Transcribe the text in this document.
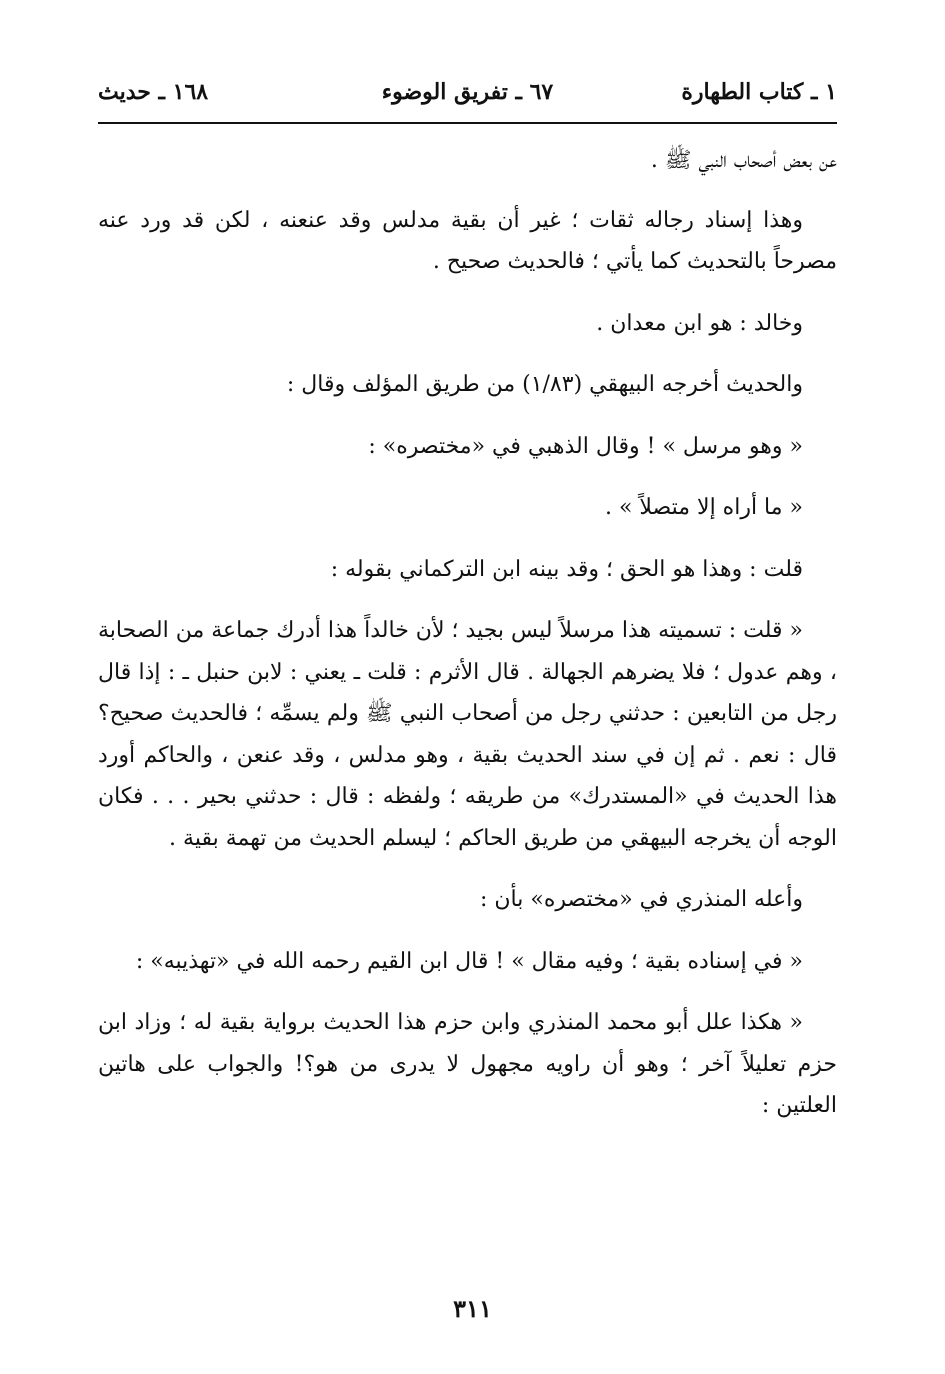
١ ـ كتاب الطهارة
٦٧ ـ تفريق الوضوء
١٦٨ ـ حديث

عن بعض أصحاب النبي ﷺ .

وهذا إسناد رجاله ثقات ؛ غير أن بقية مدلس وقد عنعنه ، لكن قد ورد عنه مصرحاً بالتحديث كما يأتي ؛ فالحديث صحيح .

وخالد : هو ابن معدان .

والحديث أخرجه البيهقي (١/٨٣) من طريق المؤلف وقال :

« وهو مرسل » ! وقال الذهبي في «مختصره» :

« ما أراه إلا متصلاً » .

قلت : وهذا هو الحق ؛ وقد بينه ابن التركماني بقوله :

« قلت : تسميته هذا مرسلاً ليس بجيد ؛ لأن خالداً هذا أدرك جماعة من الصحابة ، وهم عدول ؛ فلا يضرهم الجهالة . قال الأثرم : قلت ـ يعني : لابن حنبل ـ : إذا قال رجل من التابعين : حدثني رجل من أصحاب النبي ﷺ ولم يسمِّه ؛ فالحديث صحيح؟ قال : نعم . ثم إن في سند الحديث بقية ، وهو مدلس ، وقد عنعن ، والحاكم أورد هذا الحديث في «المستدرك» من طريقه ؛ ولفظه : قال : حدثني بحير . . . فكان الوجه أن يخرجه البيهقي من طريق الحاكم ؛ ليسلم الحديث من تهمة بقية .

وأعله المنذري في «مختصره» بأن :

« في إسناده بقية ؛ وفيه مقال » ! قال ابن القيم رحمه الله في «تهذيبه» :

« هكذا علل أبو محمد المنذري وابن حزم هذا الحديث برواية بقية له ؛ وزاد ابن حزم تعليلاً آخر ؛ وهو أن راويه مجهول لا يدرى من هو؟! والجواب على هاتين العلتين :

٣١١
